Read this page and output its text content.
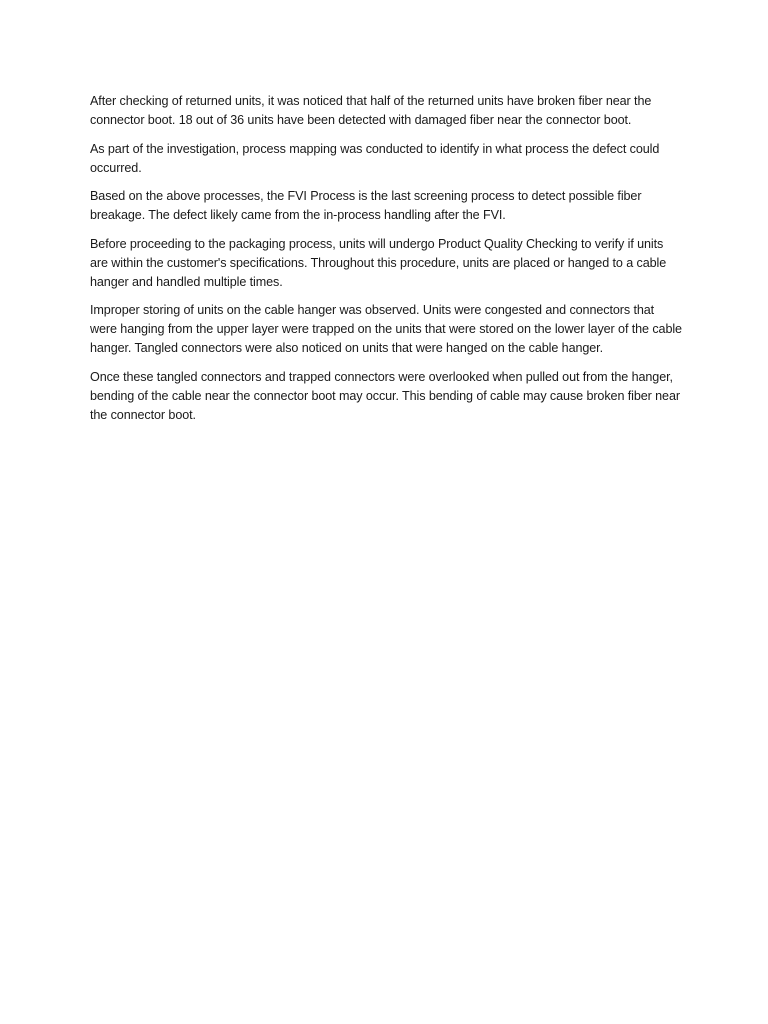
After checking of returned units, it was noticed that half of the returned units have broken fiber near the connector boot. 18 out of 36 units have been detected with damaged fiber near the connector boot.

As part of the investigation, process mapping was conducted to identify in what process the defect could occurred.

Based on the above processes, the FVI Process is the last screening process to detect possible fiber breakage. The defect likely came from the in-process handling after the FVI.

Before proceeding to the packaging process, units will undergo Product Quality Checking to verify if units are within the customer's specifications. Throughout this procedure, units are placed or hanged to a cable hanger and handled multiple times.

Improper storing of units on the cable hanger was observed. Units were congested and connectors that were hanging from the upper layer were trapped on the units that were stored on the lower layer of the cable hanger. Tangled connectors were also noticed on units that were hanged on the cable hanger.

Once these tangled connectors and trapped connectors were overlooked when pulled out from the hanger, bending of the cable near the connector boot may occur. This bending of cable may cause broken fiber near the connector boot.
